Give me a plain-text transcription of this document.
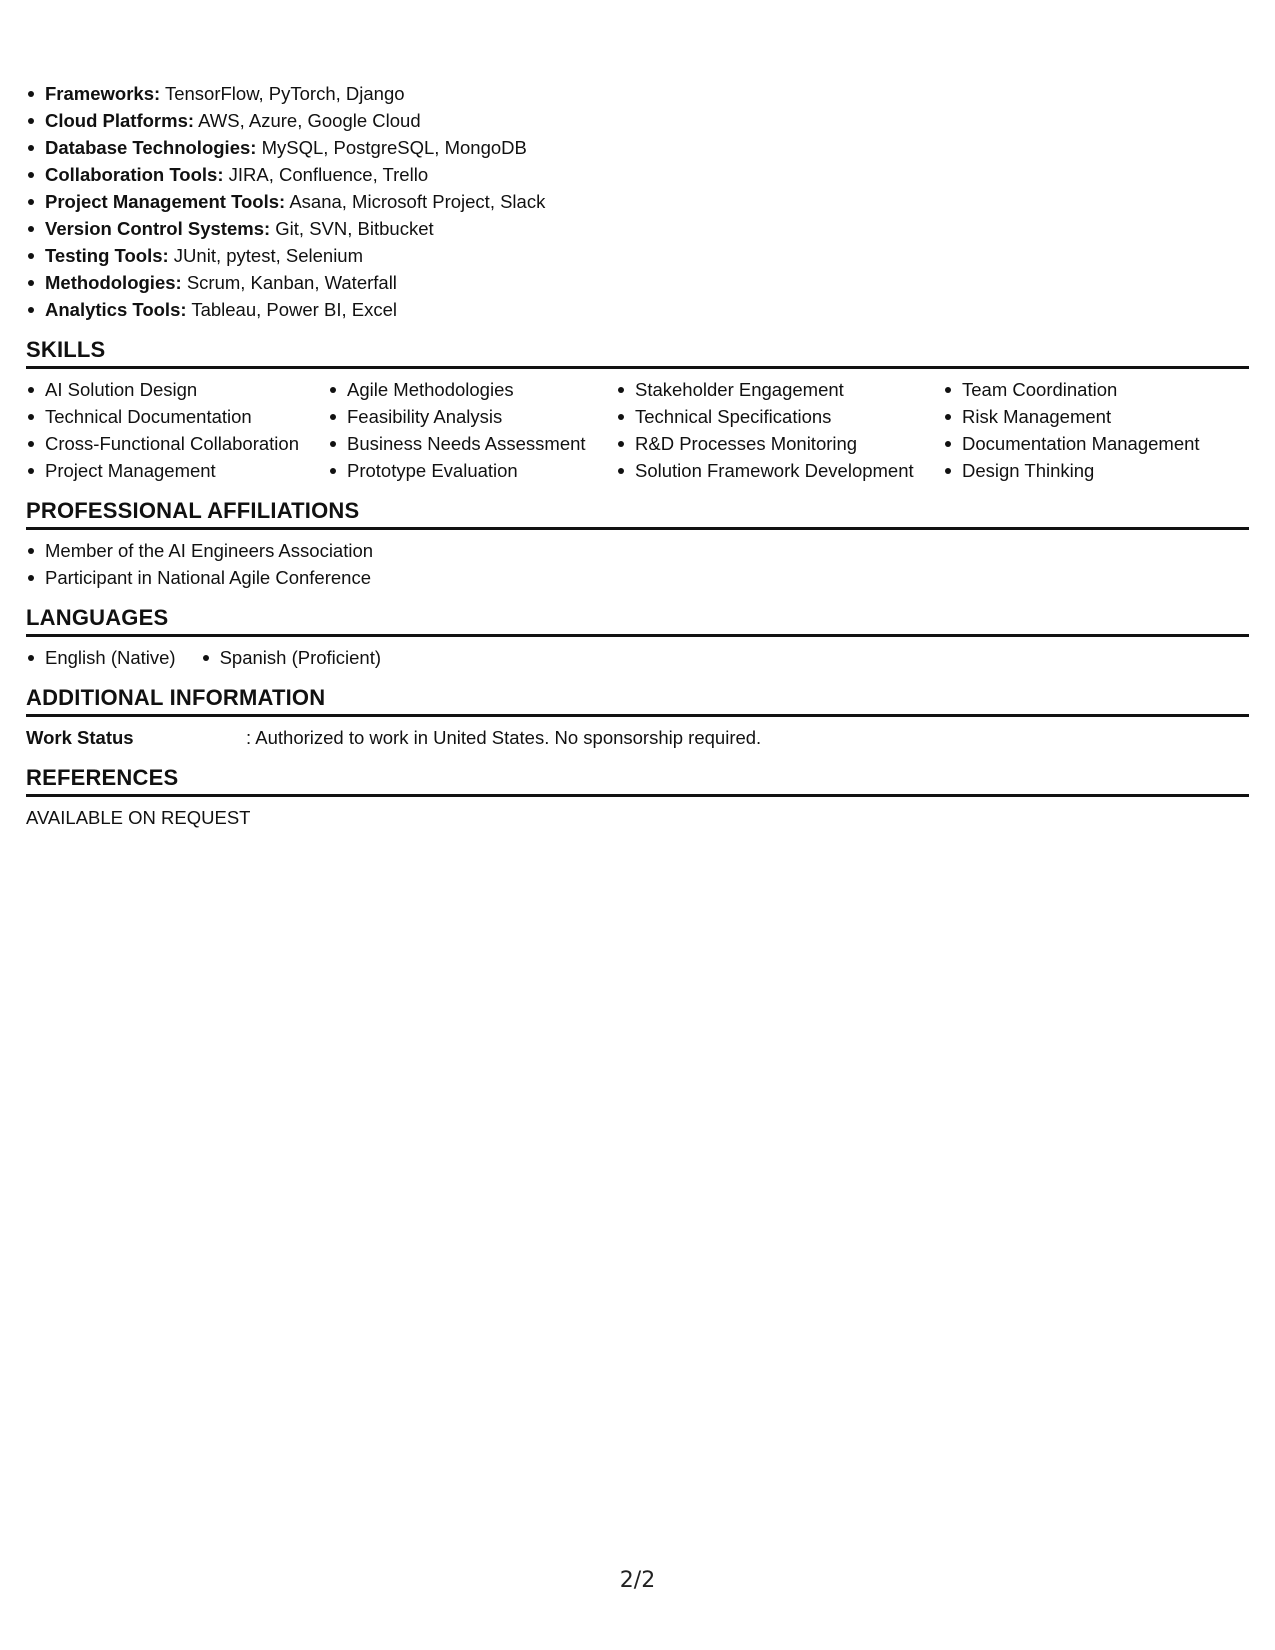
Frameworks: TensorFlow, PyTorch, Django
Cloud Platforms: AWS, Azure, Google Cloud
Database Technologies: MySQL, PostgreSQL, MongoDB
Collaboration Tools: JIRA, Confluence, Trello
Project Management Tools: Asana, Microsoft Project, Slack
Version Control Systems: Git, SVN, Bitbucket
Testing Tools: JUnit, pytest, Selenium
Methodologies: Scrum, Kanban, Waterfall
Analytics Tools: Tableau, Power BI, Excel
SKILLS
AI Solution Design
Technical Documentation
Cross-Functional Collaboration
Project Management
Agile Methodologies
Feasibility Analysis
Business Needs Assessment
Prototype Evaluation
Stakeholder Engagement
Technical Specifications
R&D Processes Monitoring
Solution Framework Development
Team Coordination
Risk Management
Documentation Management
Design Thinking
PROFESSIONAL AFFILIATIONS
Member of the AI Engineers Association
Participant in National Agile Conference
LANGUAGES
English (Native)	Spanish (Proficient)
ADDITIONAL INFORMATION
Work Status	: Authorized to work in United States. No sponsorship required.
REFERENCES
AVAILABLE ON REQUEST
2/2
